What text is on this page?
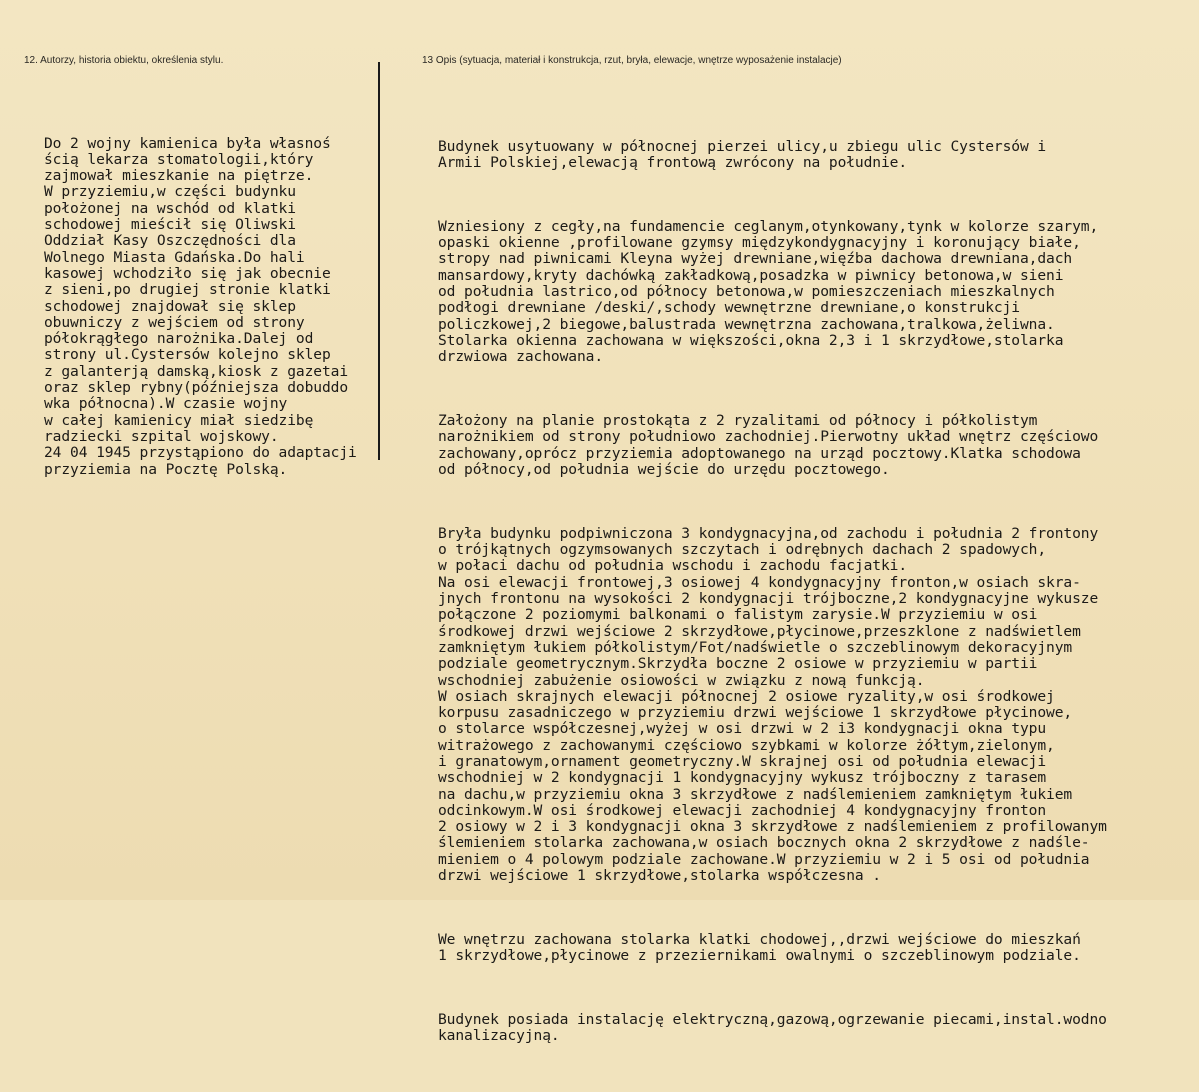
12. Autorzy, historia obiektu, określenia stylu.	13 Opis (sytuacja, materiał i konstrukcja, rzut, bryła, elewacje, wnętrze wyposażenie instalacje)

Do 2 wojny kamienica była własnoś
ścią lekarza stomatologii,który
zajmował mieszkanie na piętrze.
W przyziemiu,w części budynku
położonej na wschód od klatki
schodowej mieścił się Oliwski
Oddział Kasy Oszczędności dla
Wolnego Miasta Gdańska.Do hali
kasowej wchodziło się jak obecnie
z sieni,po drugiej stronie klatki
schodowej znajdował się sklep
obuwniczy z wejściem od strony
półokrągłego narożnika.Dalej od
strony ul.Cystersów kolejno sklep
z galanterją damską,kiosk z gazetai
oraz sklep rybny(późniejsza dobuddo
wka północna).W czasie wojny
w całej kamienicy miał siedzibę
radziecki szpital wojskowy.
24 04 1945 przystąpiono do adaptacji
przyziemia na Pocztę Polską.

Budynek usytuowany w północnej pierzei ulicy,u zbiegu ulic Cystersów i
Armii Polskiej,elewacją frontową zwrócony na południe.

Wzniesiony z cegły,na fundamencie ceglanym,otynkowany,tynk w kolorze szarym,
opaski okienne ,profilowane gzymsy międzykondygnacyjny i koronujący białe,
stropy nad piwnicami Kleyna wyżej drewniane,więźba dachowa drewniana,dach
mansardowy,kryty dachówką zakładkową,posadzka w piwnicy betonowa,w sieni
od południa lastrico,od północy betonowa,w pomieszczeniach mieszkalnych
podłogi drewniane /deski/,schody wewnętrzne drewniane,o konstrukcji
policzkowej,2 biegowe,balustrada wewnętrzna zachowana,tralkowa,żeliwna.
Stolarka okienna zachowana w większości,okna 2,3 i 1 skrzydłowe,stolarka
drzwiowa zachowana.

Założony na planie prostokąta z 2 ryzalitami od północy i półkolistym
narożnikiem od strony południowo zachodniej.Pierwotny układ wnętrz częściowo
zachowany,oprócz przyziemia adoptowanego na urząd pocztowy.Klatka schodowa
od północy,od południa wejście do urzędu pocztowego.

Bryła budynku podpiwniczona 3 kondygnacyjna,od zachodu i południa 2 frontony
o trójkątnych ogzymsowanych szczytach i odrębnych dachach 2 spadowych,
w połaci dachu od południa wschodu i zachodu facjatki.
Na osi elewacji frontowej,3 osiowej 4 kondygnacyjny fronton,w osiach skra-
jnych frontonu na wysokości 2 kondygnacji trójboczne,2 kondygnacyjne wykusze
połączone 2 poziomymi balkonami o falistym zarysie.W przyziemiu w osi
środkowej drzwi wejściowe 2 skrzydłowe,płycinowe,przeszklone z nadświetlem
zamkniętym łukiem półkolistym/Fot/nadświetle o szczeblinowym dekoracyjnym
podziale geometrycznym.Skrzydła boczne 2 osiowe w przyziemiu w partii
wschodniej zabużenie osiowości w związku z nową funkcją.
W osiach skrajnych elewacji północnej 2 osiowe ryzality,w osi środkowej
korpusu zasadniczego w przyziemiu drzwi wejściowe 1 skrzydłowe płycinowe,
o stolarce współczesnej,wyżej w osi drzwi w 2 i3 kondygnacji okna typu
witrażowego z zachowanymi częściowo szybkami w kolorze żółtym,zielonym,
i granatowym,ornament geometryczny.W skrajnej osi od południa elewacji
wschodniej w 2 kondygnacji 1 kondygnacyjny wykusz trójboczny z tarasem
na dachu,w przyziemiu okna 3 skrzydłowe z nadślemieniem zamkniętym łukiem
odcinkowym.W osi środkowej elewacji zachodniej 4 kondygnacyjny fronton
2 osiowy w 2 i 3 kondygnacji okna 3 skrzydłowe z nadślemieniem z profilowanym
ślemieniem stolarka zachowana,w osiach bocznych okna 2 skrzydłowe z nadśle-
mieniem o 4 polowym podziale zachowane.W przyziemiu w 2 i 5 osi od południa
drzwi wejściowe 1 skrzydłowe,stolarka współczesna .

We wnętrzu zachowana stolarka klatki chodowej,,drzwi wejściowe do mieszkań
1 skrzydłowe,płycinowe z przeziernikami owalnymi o szczeblinowym podziale.

Budynek posiada instalację elektryczną,gazową,ogrzewanie piecami,instal.wodno
kanalizacyjną.
